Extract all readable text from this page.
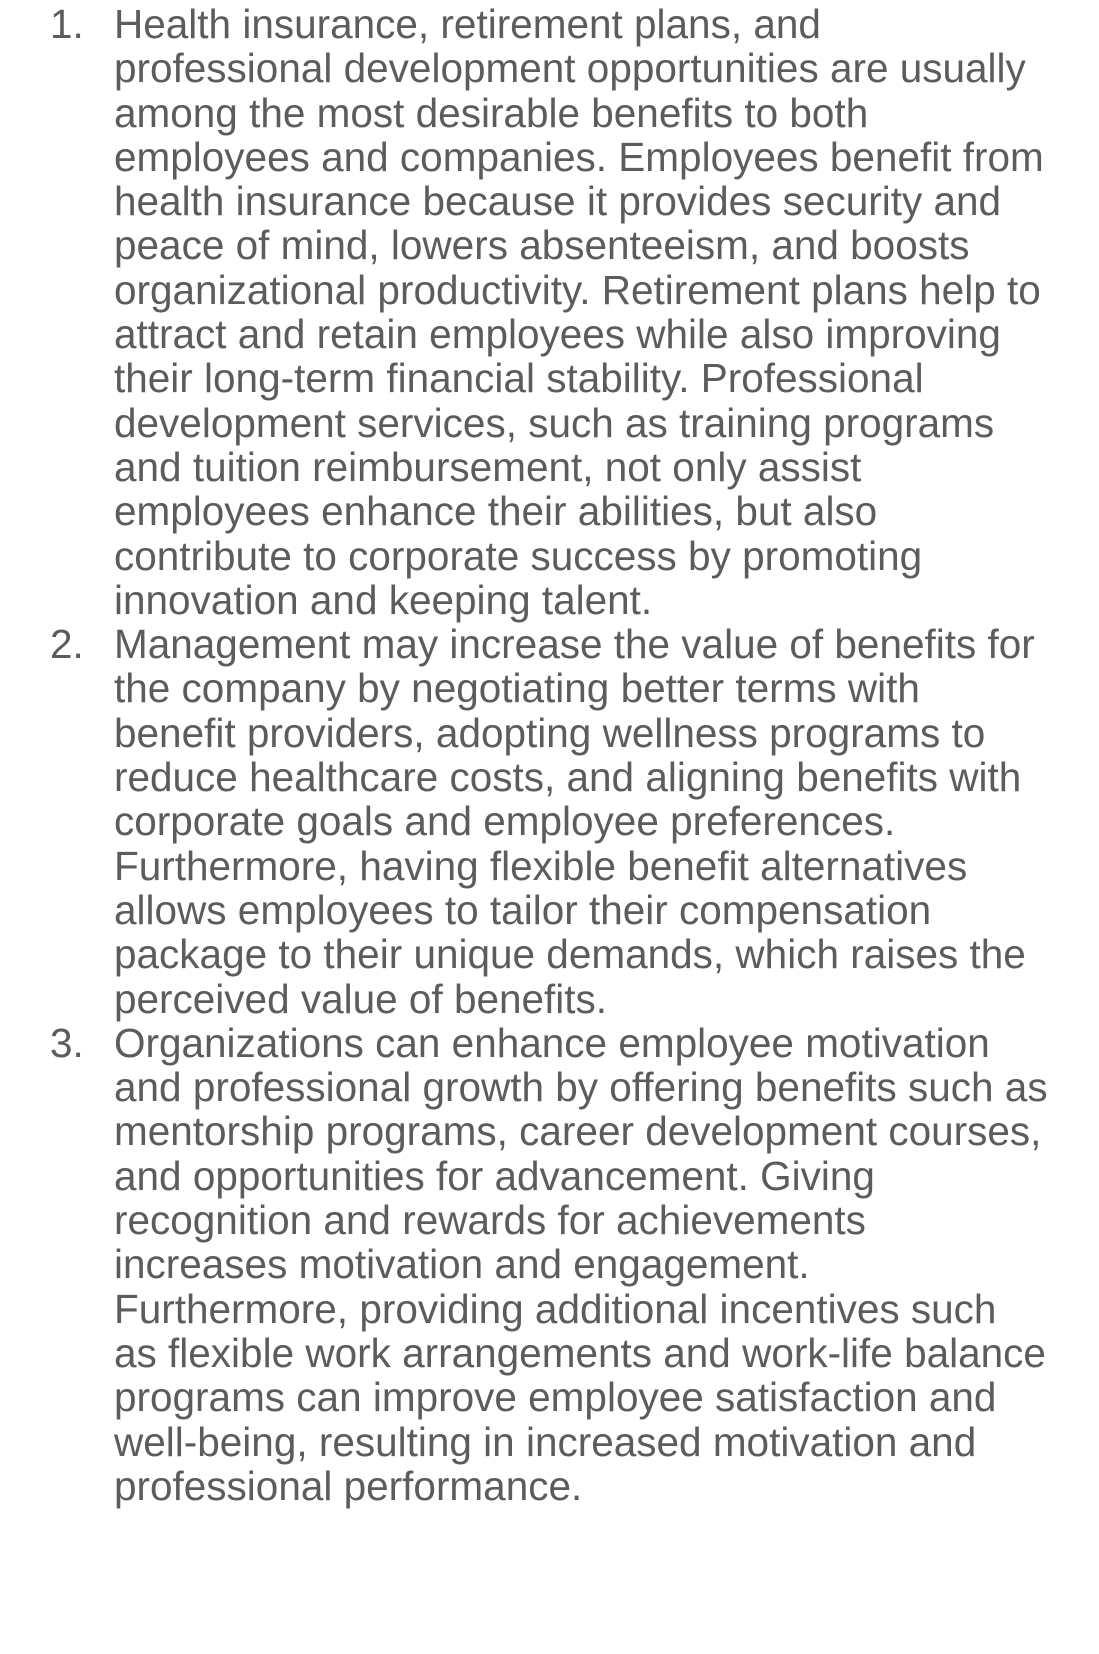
1. Health insurance, retirement plans, and professional development opportunities are usually among the most desirable benefits to both employees and companies. Employees benefit from health insurance because it provides security and peace of mind, lowers absenteeism, and boosts organizational productivity. Retirement plans help to attract and retain employees while also improving their long-term financial stability. Professional development services, such as training programs and tuition reimbursement, not only assist employees enhance their abilities, but also contribute to corporate success by promoting innovation and keeping talent.
2. Management may increase the value of benefits for the company by negotiating better terms with benefit providers, adopting wellness programs to reduce healthcare costs, and aligning benefits with corporate goals and employee preferences. Furthermore, having flexible benefit alternatives allows employees to tailor their compensation package to their unique demands, which raises the perceived value of benefits.
3. Organizations can enhance employee motivation and professional growth by offering benefits such as mentorship programs, career development courses, and opportunities for advancement. Giving recognition and rewards for achievements increases motivation and engagement. Furthermore, providing additional incentives such as flexible work arrangements and work-life balance programs can improve employee satisfaction and well-being, resulting in increased motivation and professional performance.
